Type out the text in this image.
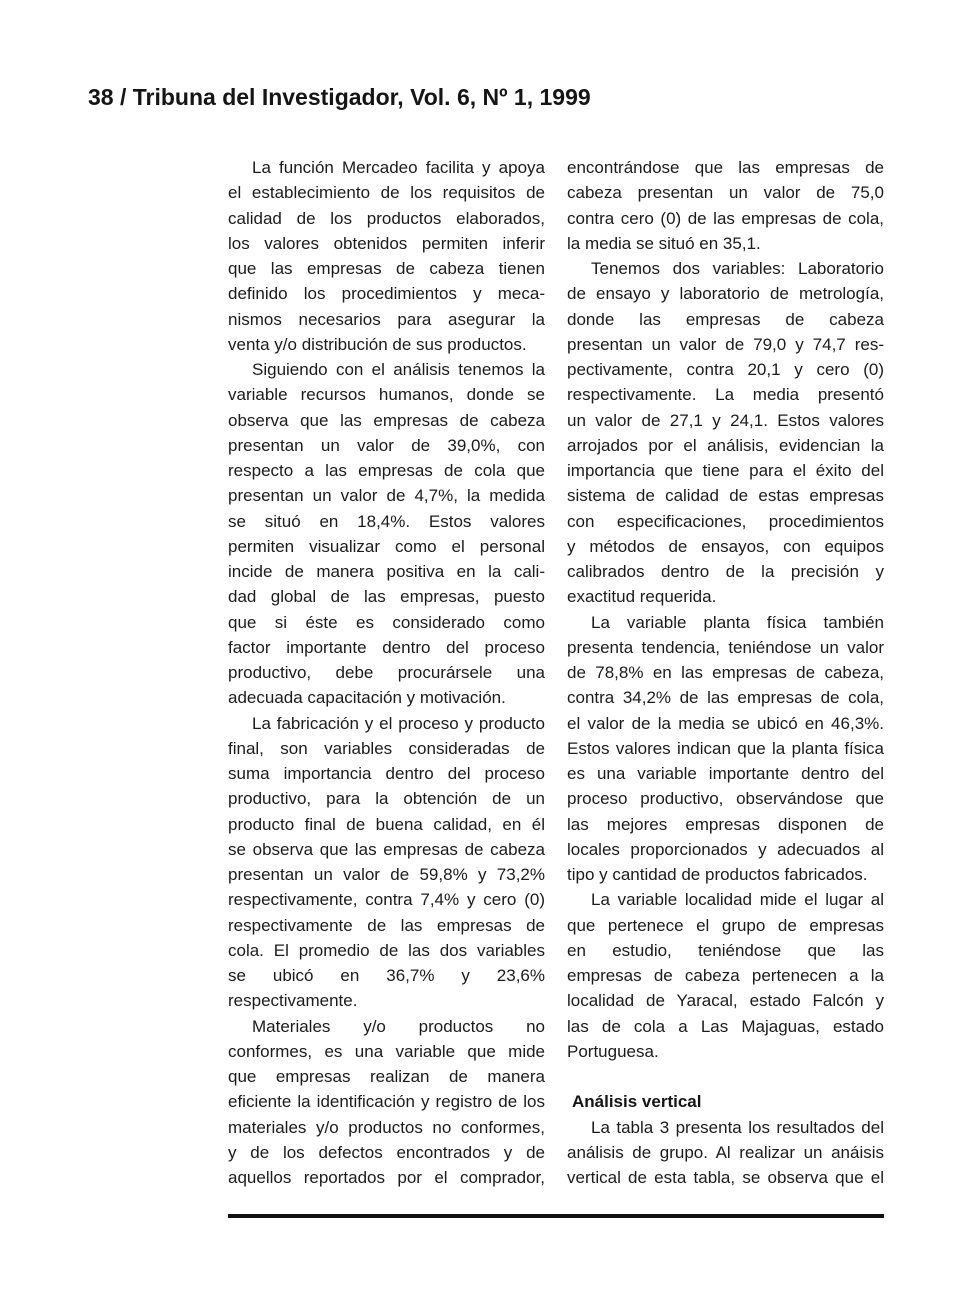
38 / Tribuna del Investigador, Vol. 6, Nº 1, 1999
La función Mercadeo facilita y apoya
el establecimiento de los requisitos de
calidad de los productos elaborados,
los valores obtenidos permiten inferir
que las empresas de cabeza tienen
definido los procedimientos y meca-
nismos necesarios para asegurar la
venta y/o distribución de sus productos.
Siguiendo con el análisis tenemos la
variable recursos humanos, donde se
observa que las empresas de cabeza
presentan un valor de 39,0%, con
respecto a las empresas de cola que
presentan un valor de 4,7%, la medida
se situó en 18,4%. Estos valores
permiten visualizar como el personal
incide de manera positiva en la cali-
dad global de las empresas, puesto
que si éste es considerado como
factor importante dentro del proceso
productivo, debe procurársele una
adecuada capacitación y motivación.
La fabricación y el proceso y producto
final, son variables consideradas de
suma importancia dentro del proceso
productivo, para la obtención de un
producto final de buena calidad, en él
se observa que las empresas de cabeza
presentan un valor de 59,8% y 73,2%
respectivamente, contra 7,4% y cero (0)
respectivamente de las empresas de
cola. El promedio de las dos variables
se ubicó en 36,7% y 23,6%
respectivamente.
Materiales y/o productos no
conformes, es una variable que mide
que empresas realizan de manera
eficiente la identificación y registro de los
materiales y/o productos no conformes,
y de los defectos encontrados y de
aquellos reportados por el comprador,
encontrándose que las empresas de
cabeza presentan un valor de 75,0
contra cero (0) de las empresas de cola,
la media se situó en 35,1.
Tenemos dos variables: Laboratorio
de ensayo y laboratorio de metrología,
donde las empresas de cabeza
presentan un valor de 79,0 y 74,7 res-
pectivamente, contra 20,1 y cero (0)
respectivamente. La media presentó
un valor de 27,1 y 24,1. Estos valores
arrojados por el análisis, evidencian la
importancia que tiene para el éxito del
sistema de calidad de estas empresas
con especificaciones, procedimientos
y métodos de ensayos, con equipos
calibrados dentro de la precisión y
exactitud requerida.
La variable planta física también
presenta tendencia, teniéndose un valor
de 78,8% en las empresas de cabeza,
contra 34,2% de las empresas de cola,
el valor de la media se ubicó en 46,3%.
Estos valores indican que la planta física
es una variable importante dentro del
proceso productivo, observándose que
las mejores empresas disponen de
locales proporcionados y adecuados al
tipo y cantidad de productos fabricados.
La variable localidad mide el lugar al
que pertenece el grupo de empresas
en estudio, teniéndose que las
empresas de cabeza pertenecen a la
localidad de Yaracal, estado Falcón y
las de cola a Las Majaguas, estado
Portuguesa.
Análisis vertical
La tabla 3 presenta los resultados del
análisis de grupo. Al realizar un anáisis
vertical de esta tabla, se observa que el
